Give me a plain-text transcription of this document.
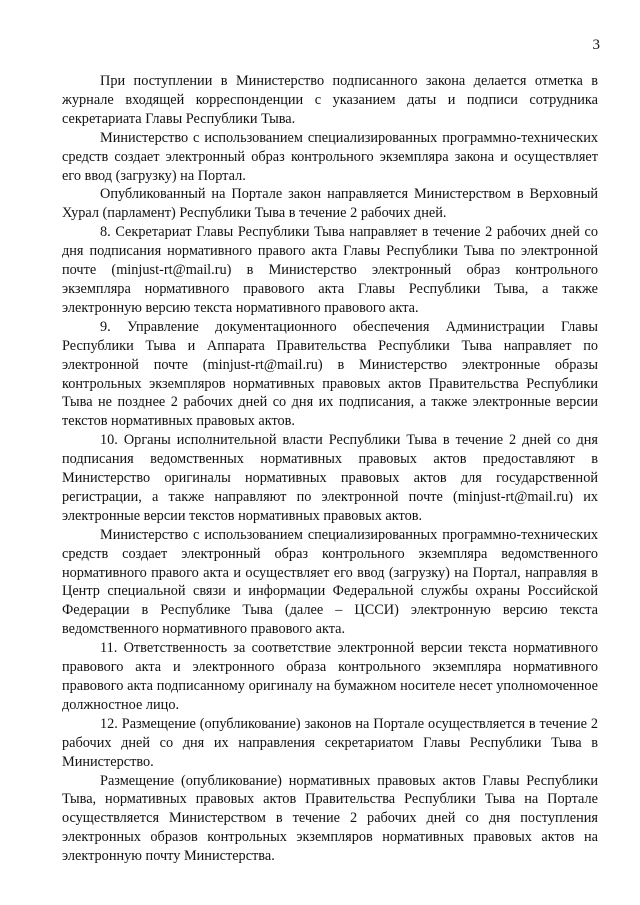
3

При поступлении в Министерство подписанного закона делается отметка в журнале входящей корреспонденции с указанием даты и подписи сотрудника секретариата Главы Республики Тыва.

Министерство с использованием специализированных программно-технических средств создает электронный образ контрольного экземпляра закона и осуществляет его ввод (загрузку) на Портал.

Опубликованный на Портале закон направляется Министерством в Верховный Хурал (парламент) Республики Тыва в течение 2 рабочих дней.

8. Секретариат Главы Республики Тыва направляет в течение 2 рабочих дней со дня подписания нормативного правого акта Главы Республики Тыва по электронной почте (minjust-rt@mail.ru) в Министерство электронный образ контрольного экземпляра нормативного правового акта Главы Республики Тыва, а также электронную версию текста нормативного правового акта.

9. Управление документационного обеспечения Администрации Главы Республики Тыва и Аппарата Правительства Республики Тыва направляет по электронной почте (minjust-rt@mail.ru) в Министерство электронные образы контрольных экземпляров нормативных правовых актов Правительства Республики Тыва не позднее 2 рабочих дней со дня их подписания, а также электронные версии текстов нормативных правовых актов.

10. Органы исполнительной власти Республики Тыва в течение 2 дней со дня подписания ведомственных нормативных правовых актов предоставляют в Министерство оригиналы нормативных правовых актов для государственной регистрации, а также направляют по электронной почте (minjust-rt@mail.ru) их электронные версии текстов нормативных правовых актов.

Министерство с использованием специализированных программно-технических средств создает электронный образ контрольного экземпляра ведомственного нормативного правого акта и осуществляет его ввод (загрузку) на Портал, направляя в Центр специальной связи и информации Федеральной службы охраны Российской Федерации в Республике Тыва (далее – ЦССИ) электронную версию текста ведомственного нормативного правового акта.

11. Ответственность за соответствие электронной версии текста нормативного правового акта и электронного образа контрольного экземпляра нормативного правового акта подписанному оригиналу на бумажном носителе несет уполномоченное должностное лицо.

12. Размещение (опубликование) законов на Портале осуществляется в течение 2 рабочих дней со дня их направления секретариатом Главы Республики Тыва в Министерство.

Размещение (опубликование) нормативных правовых актов Главы Республики Тыва, нормативных правовых актов Правительства Республики Тыва на Портале осуществляется Министерством в течение 2 рабочих дней со дня поступления электронных образов контрольных экземпляров нормативных правовых актов на электронную почту Министерства.
